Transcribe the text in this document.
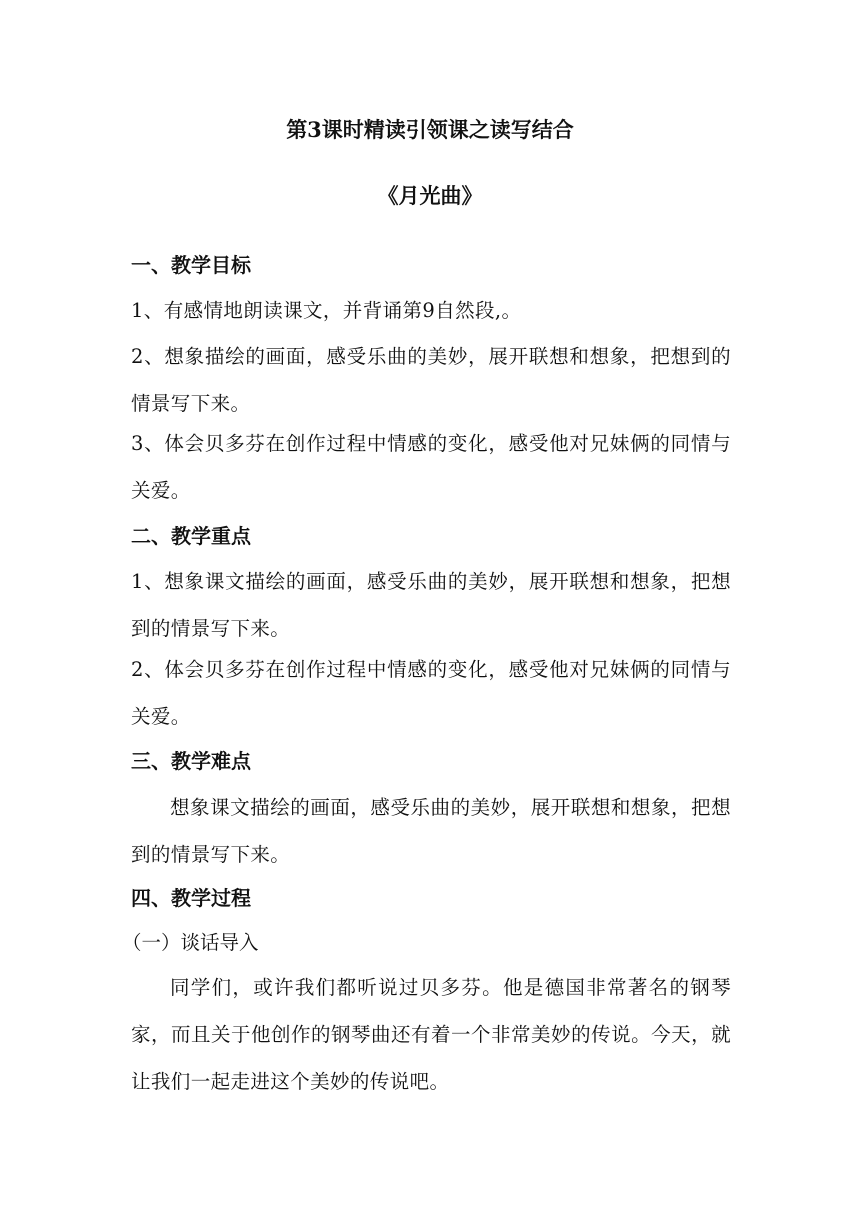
第3课时精读引领课之读写结合
《月光曲》
一、教学目标
1、有感情地朗读课文，并背诵第9自然段,。
2、想象描绘的画面，感受乐曲的美妙，展开联想和想象，把想到的情景写下来。
3、体会贝多芬在创作过程中情感的变化，感受他对兄妹俩的同情与关爱。
二、教学重点
1、想象课文描绘的画面，感受乐曲的美妙，展开联想和想象，把想到的情景写下来。
2、体会贝多芬在创作过程中情感的变化，感受他对兄妹俩的同情与关爱。
三、教学难点
想象课文描绘的画面，感受乐曲的美妙，展开联想和想象，把想到的情景写下来。
四、教学过程
（一）谈话导入
同学们，或许我们都听说过贝多芬。他是德国非常著名的钢琴家，而且关于他创作的钢琴曲还有着一个非常美妙的传说。今天，就让我们一起走进这个美妙的传说吧。
